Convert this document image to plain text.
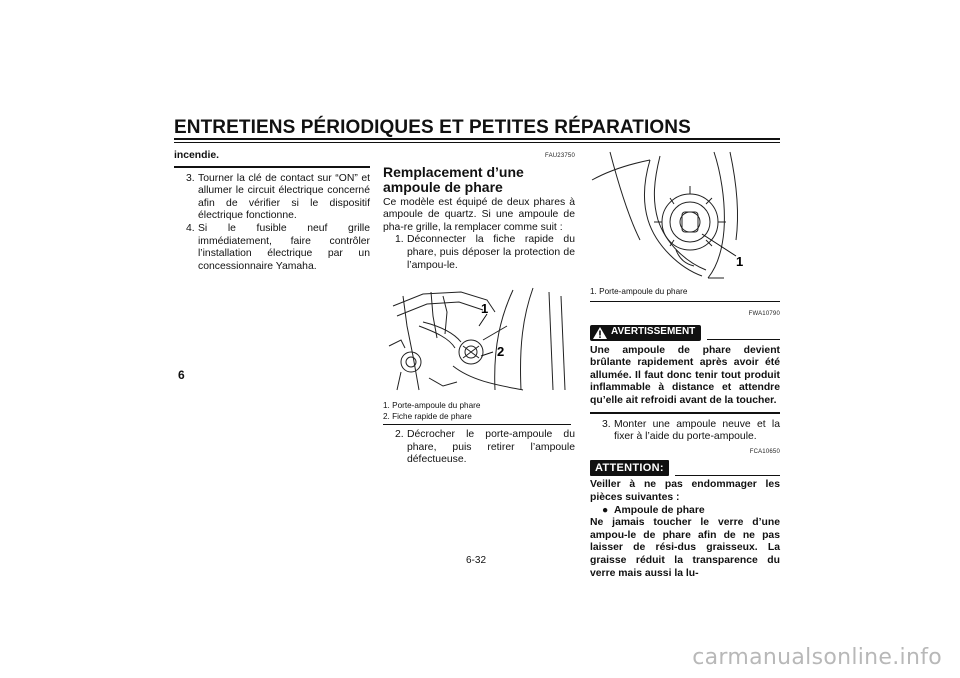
ENTRETIENS PÉRIODIQUES ET PETITES RÉPARATIONS
6
incendie.
3. Tourner la clé de contact sur “ON” et allumer le circuit électrique concerné afin de vérifier si le dispositif électrique fonctionne.
4. Si le fusible neuf grille immédiatement, faire contrôler l’installation électrique par un concessionnaire Yamaha.
FAU23750
Remplacement d’une ampoule de phare
Ce modèle est équipé de deux phares à ampoule de quartz. Si une ampoule de pha-re grille, la remplacer comme suit :
1. Déconnecter la fiche rapide du phare, puis déposer la protection de l’ampou-le.
1
2
1. Porte-ampoule du phare
2. Fiche rapide de phare
2. Décrocher le porte-ampoule du phare, puis retirer l’ampoule défectueuse.
1
1. Porte-ampoule du phare
FWA10790
AVERTISSEMENT
Une ampoule de phare devient brûlante rapidement après avoir été allumée. Il faut donc tenir tout produit inflammable à distance et attendre qu’elle ait refroidi avant de la toucher.
3. Monter une ampoule neuve et la fixer à l’aide du porte-ampoule.
FCA10650
ATTENTION:
Veiller à ne pas endommager les pièces suivantes :
● Ampoule de phare
Ne jamais toucher le verre d’une ampou-le de phare afin de ne pas laisser de rési-dus graisseux. La graisse réduit la transparence du verre mais aussi la lu-
6-32
carmanualsonline.info
